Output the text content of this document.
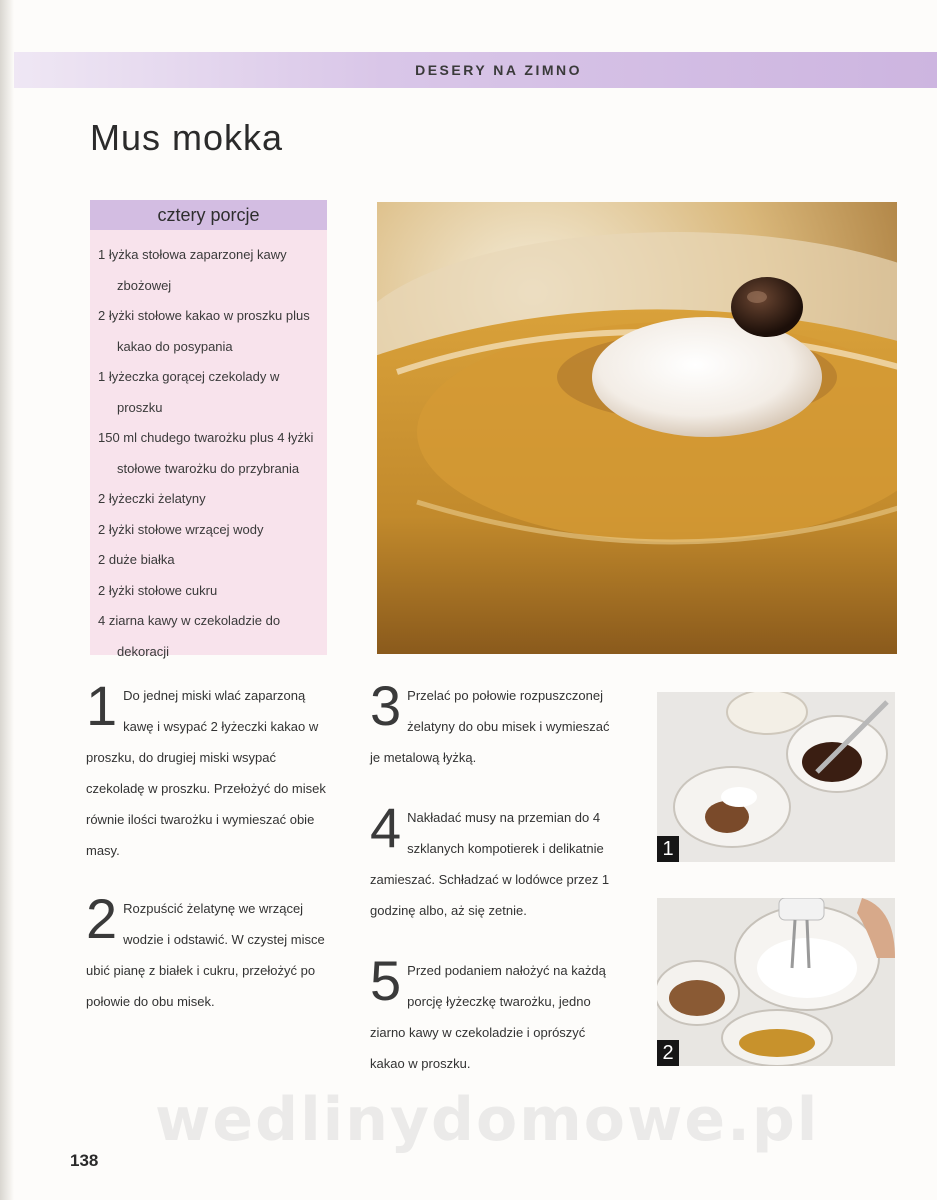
DESERY NA ZIMNO
Mus mokka
cztery porcje
1 łyżka stołowa zaparzonej kawy zbożowej
2 łyżki stołowe kakao w proszku plus kakao do posypania
1 łyżeczka gorącej czekolady w proszku
150 ml chudego twarożku plus 4 łyżki stołowe twarożku do przybrania
2 łyżeczki żelatyny
2 łyżki stołowe wrzącej wody
2 duże białka
2 łyżki stołowe cukru
4 ziarna kawy w czekoladzie do dekoracji
1
2
1 Do jednej miski wlać zaparzoną kawę i wsypać 2 łyżeczki kakao w proszku, do drugiej miski wsypać czekoladę w proszku. Przełożyć do misek równie ilości twarożku i wymieszać obie masy.
2 Rozpuścić żelatynę we wrzącej wodzie i odstawić. W czystej misce ubić pianę z białek i cukru, przełożyć po połowie do obu misek.
3 Przelać po połowie rozpuszczonej żelatyny do obu misek i wymieszać je metalową łyżką.
4 Nakładać musy na przemian do 4 szklanych kompotierek i delikatnie zamieszać. Schładzać w lodówce przez 1 godzinę albo, aż się zetnie.
5 Przed podaniem nałożyć na każdą porcję łyżeczkę twarożku, jedno ziarno kawy w czekoladzie i oprószyć kakao w proszku.
wedlinydomowe.pl
138
